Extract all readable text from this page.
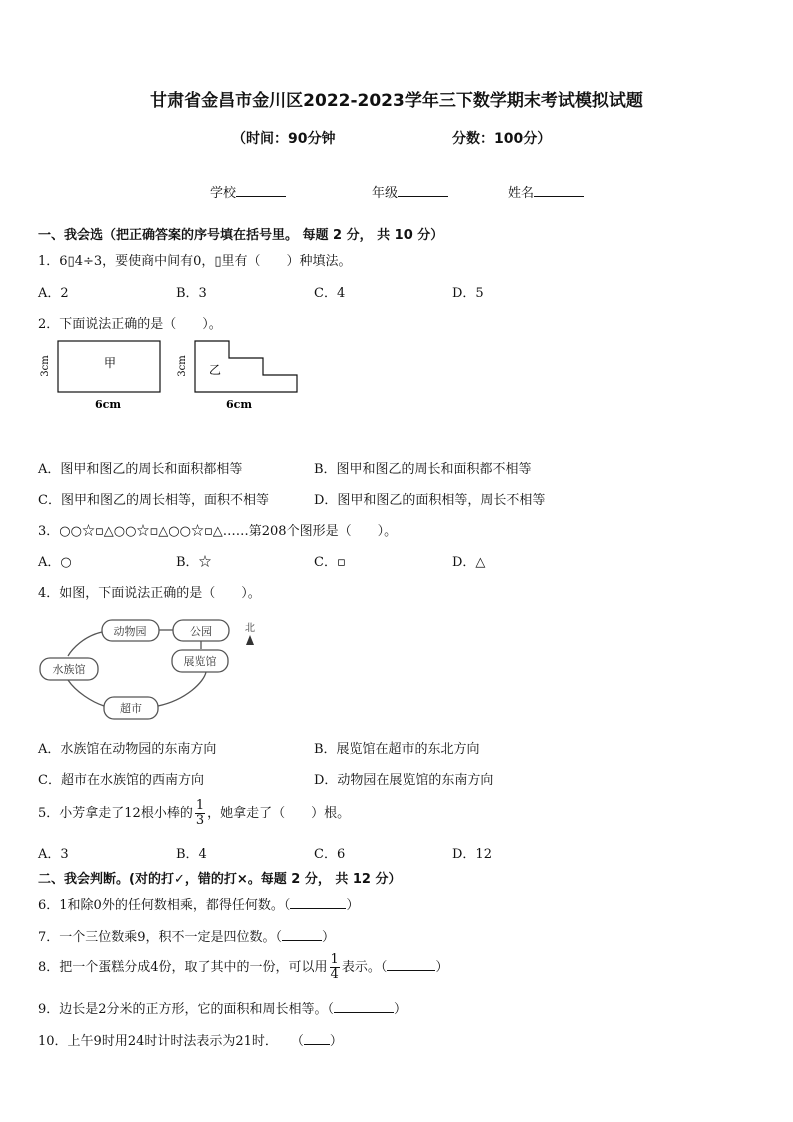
甘肃省金昌市金川区2022-2023学年三下数学期末考试模拟试题
（时间：90分钟	分数：100分）
学校	年级	姓名
一、我会选（把正确答案的序号填在括号里。 每题 2 分， 共 10 分）
1．6▯4÷3，要使商中间有0，▯里有（　　）种填法。
A．2	B．3	C．4	D．5
2．下面说法正确的是（　　）。
甲
3cm
6cm
乙
3cm
6cm
A．图甲和图乙的周长和面积都相等	B．图甲和图乙的周长和面积都不相等
C．图甲和图乙的周长相等，面积不相等	D．图甲和图乙的面积相等，周长不相等
3．○○☆▫△○○☆▫△○○☆▫△……第208个图形是（　　）。
A．○	B．☆	C．▫	D．△
4．如图，下面说法正确的是（　　）。
动物园	公园
水族馆
展览馆
超市
北
A．水族馆在动物园的东南方向	B．展览馆在超市的东北方向
C．超市在水族馆的西南方向	D．动物园在展览馆的东南方向
5．小芳拿走了12根小棒的 $\frac{1}{3}$ ，她拿走了（　　）根。
A．3	B．4	C．6	D．12
二、我会判断。(对的打✓，错的打×。每题 2 分， 共 12 分）
6．1和除0外的任何数相乘，都得任何数。（	）
7．一个三位数乘9，积不一定是四位数。（	）
8．把一个蛋糕分成4份，取了其中的一份，可以用 $\frac{1}{4}$ 表示。（	）
9．边长是2分米的正方形，它的面积和周长相等。（	）
10．上午9时用24时计时法表示为21时．　　（ ）
